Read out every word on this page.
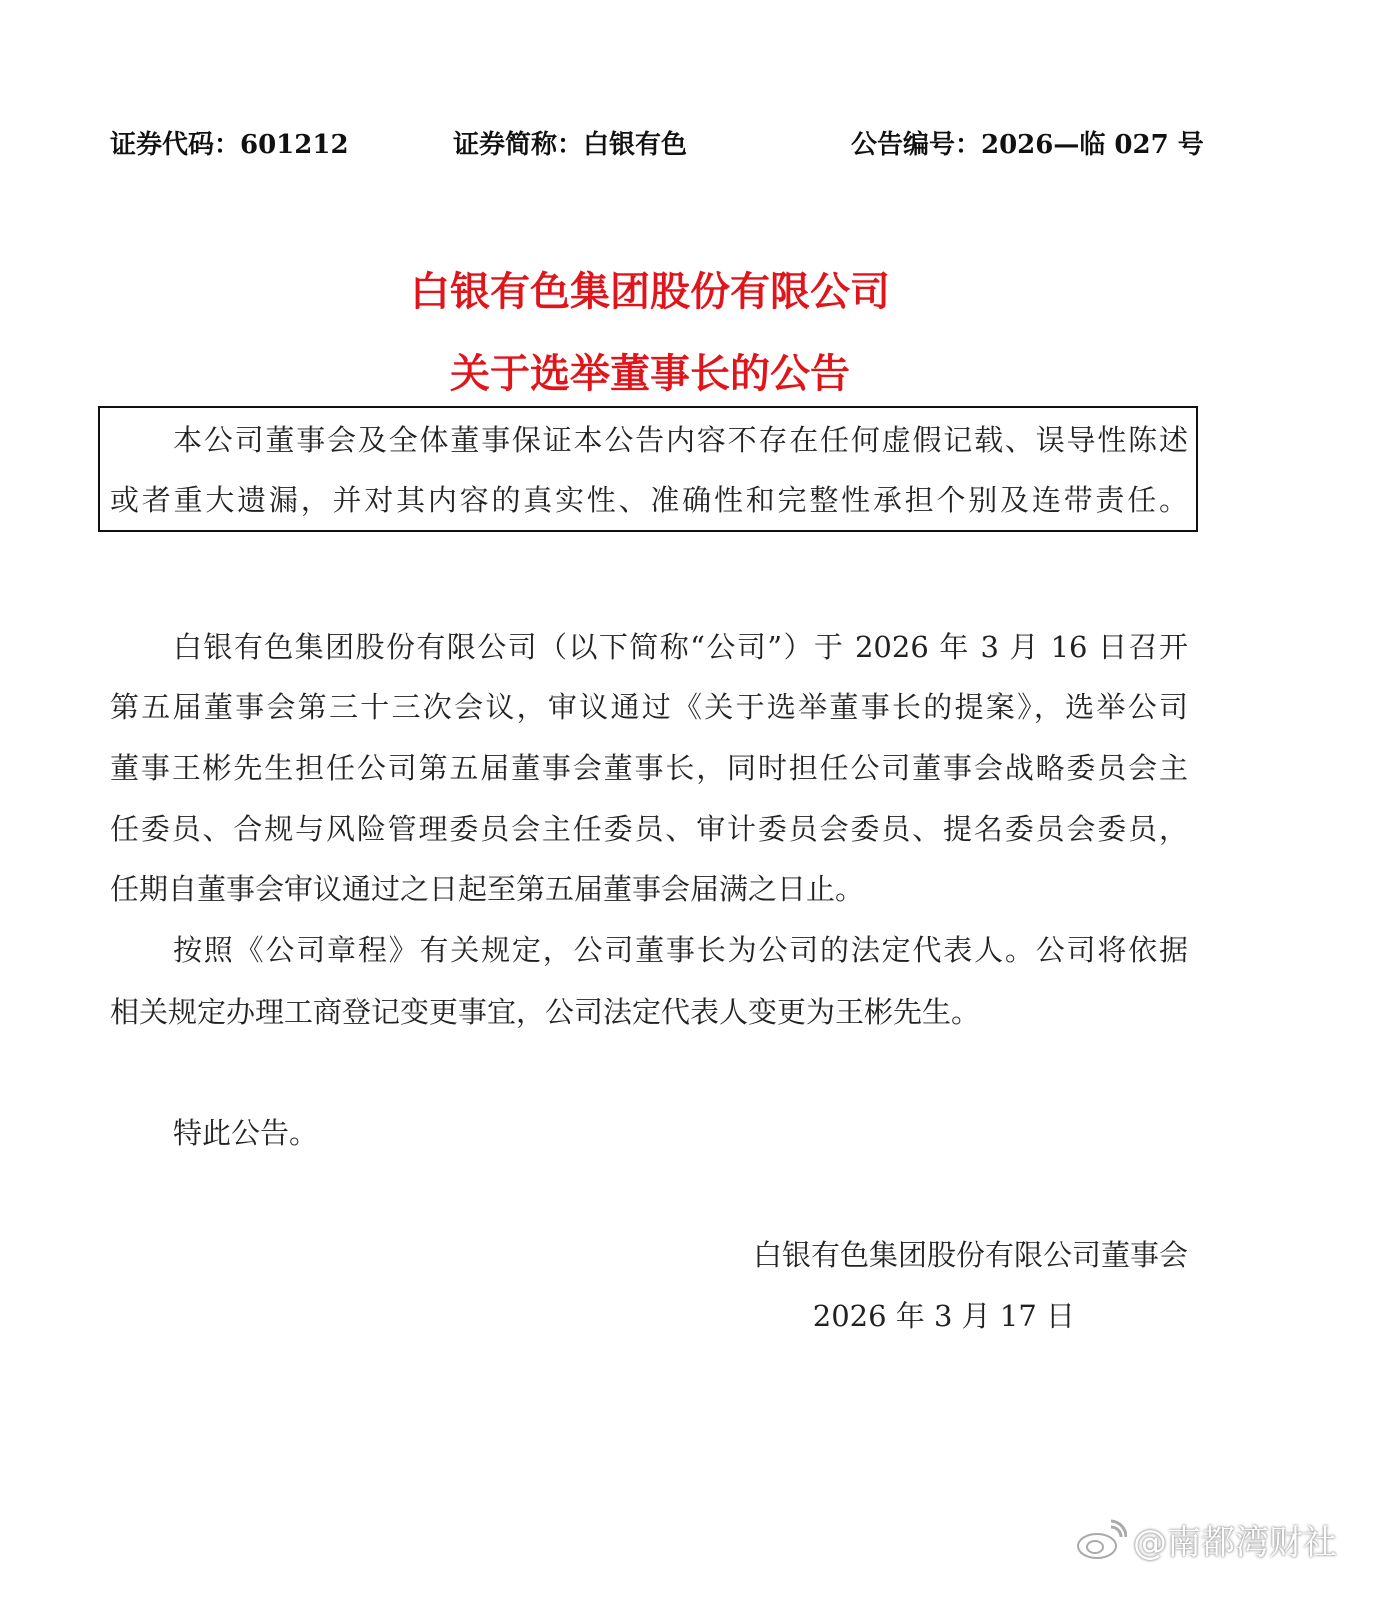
证券代码：601212	证券简称：白银有色	公告编号：2026—临 027 号
白银有色集团股份有限公司
关于选举董事长的公告
本公司董事会及全体董事保证本公告内容不存在任何虚假记载、误导性陈述
或者重大遗漏，并对其内容的真实性、准确性和完整性承担个别及连带责任。
白银有色集团股份有限公司（以下简称“公司”）于 2026 年 3 月 16 日召开
第五届董事会第三十三次会议，审议通过《关于选举董事长的提案》，选举公司
董事王彬先生担任公司第五届董事会董事长，同时担任公司董事会战略委员会主
任委员、合规与风险管理委员会主任委员、审计委员会委员、提名委员会委员，
任期自董事会审议通过之日起至第五届董事会届满之日止。
按照《公司章程》有关规定，公司董事长为公司的法定代表人。公司将依据
相关规定办理工商登记变更事宜，公司法定代表人变更为王彬先生。
特此公告。
白银有色集团股份有限公司董事会
2026 年 3 月 17 日
@南都湾财社
